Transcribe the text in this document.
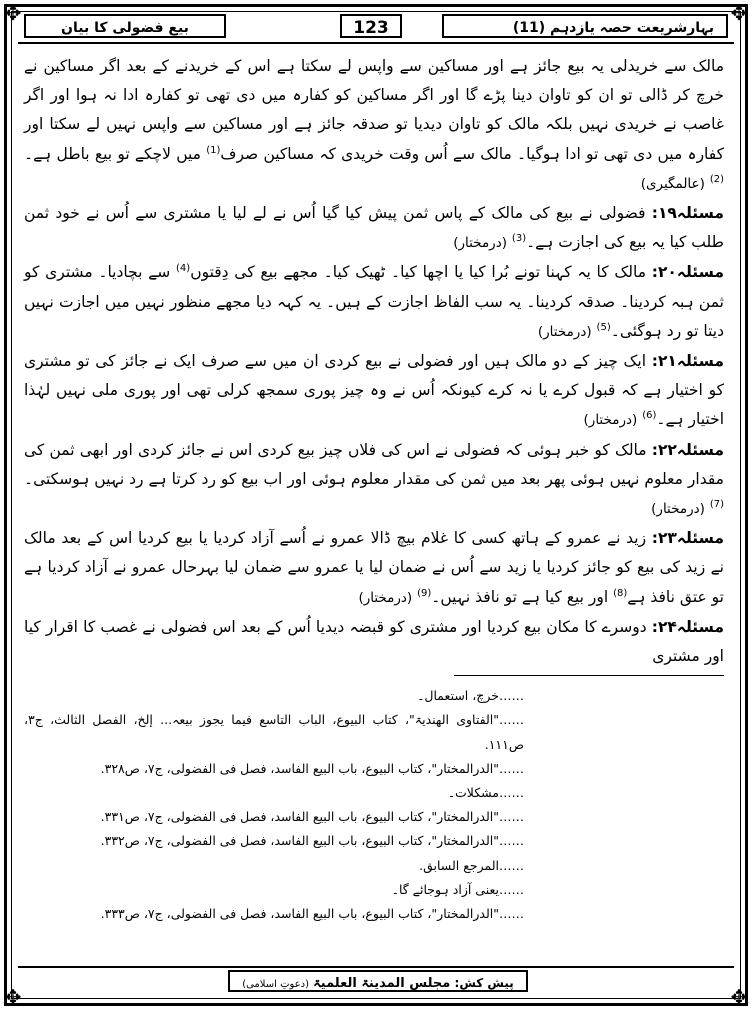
✥	✥
✥	✥
بہارِشریعت حصہ یازدہم (11)
123
بیع فضولی کا بیان

مالک سے خریدلی یہ بیع جائز ہے اور مساکین سے واپس لے سکتا ہے اس کے خریدنے کے بعد اگر مساکین نے خرچ کر ڈالی تو ان کو تاوان دینا پڑے گا اور اگر مساکین کو کفارہ میں دی تھی تو کفارہ ادا نہ ہوا اور اگر غاصب نے خریدی نہیں بلکہ مالک کو تاوان دیدیا تو صدقہ جائز ہے اور مساکین سے واپس نہیں لے سکتا اور کفارہ میں دی تھی تو ادا ہوگیا۔ مالک سے اُس وقت خریدی کہ مساکین صرف$^{(1)}$ میں لاچکے تو بیع باطل ہے۔$^{(2)}$ (عالمگیری)

مسئلہ۱۹: فضولی نے بیع کی مالک کے پاس ثمن پیش کیا گیا اُس نے لے لیا یا مشتری سے اُس نے خود ثمن طلب کیا یہ بیع کی اجازت ہے۔$^{(3)}$ (درمختار)

مسئلہ۲۰: مالک کا یہ کہنا تونے بُرا کیا یا اچھا کیا۔ ٹھیک کیا۔ مجھے بیع کی دِقتوں$^{(4)}$ سے بچادیا۔ مشتری کو ثمن ہبہ کردینا۔ صدقہ کردینا۔ یہ سب الفاظ اجازت کے ہیں۔ یہ کہہ دیا مجھے منظور نہیں میں اجازت نہیں دیتا تو رد ہوگئی۔$^{(5)}$ (درمختار)

مسئلہ۲۱: ایک چیز کے دو مالک ہیں اور فضولی نے بیع کردی ان میں سے صرف ایک نے جائز کی تو مشتری کو اختیار ہے کہ قبول کرے یا نہ کرے کیونکہ اُس نے وہ چیز پوری سمجھ کرلی تھی اور پوری ملی نہیں لہٰذا اختیار ہے۔$^{(6)}$ (درمختار)

مسئلہ۲۲: مالک کو خبر ہوئی کہ فضولی نے اس کی فلاں چیز بیع کردی اس نے جائز کردی اور ابھی ثمن کی مقدار معلوم نہیں ہوئی پھر بعد میں ثمن کی مقدار معلوم ہوئی اور اب بیع کو رد کرتا ہے رد نہیں ہوسکتی۔$^{(7)}$ (درمختار)

مسئلہ۲۳: زید نے عمرو کے ہاتھ کسی کا غلام بیچ ڈالا عمرو نے اُسے آزاد کردیا یا بیع کردیا اس کے بعد مالک نے زید کی بیع کو جائز کردیا یا زید سے اُس نے ضمان لیا یا عمرو سے ضمان لیا بہرحال عمرو نے آزاد کردیا ہے تو عتق نافذ ہے$^{(8)}$ اور بیع کیا ہے تو نافذ نہیں۔$^{(9)}$ (درمختار)

مسئلہ۲۴: دوسرے کا مکان بیع کردیا اور مشتری کو قبضہ دیدیا اُس کے بعد اس فضولی نے غصب کا اقرار کیا اور مشتری

……خرچ، استعمال۔

……"الفتاوی الھندیۃ"، کتاب البیوع، الباب التاسع فیما یجوز بیعہ... إلخ، الفصل الثالث، ج۳، ص۱۱۱.

……"الدرالمختار"، کتاب البیوع، باب البیع الفاسد، فصل فی الفضولی، ج۷، ص۳۲۸.

……مشکلات۔

……"الدرالمختار"، کتاب البیوع، باب البیع الفاسد، فصل فی الفضولی، ج۷، ص۳۳۱.

……"الدرالمختار"، کتاب البیوع، باب البیع الفاسد، فصل فی الفضولی، ج۷، ص۳۳۲.

……المرجع السابق.

……یعنی آزاد ہوجائے گا۔

……"الدرالمختار"، کتاب البیوع، باب البیع الفاسد، فصل فی الفضولی، ج۷، ص۳۳۳.

پیش کش: مجلس المدینۃ العلمیۃ (دعوتِ اسلامی)
